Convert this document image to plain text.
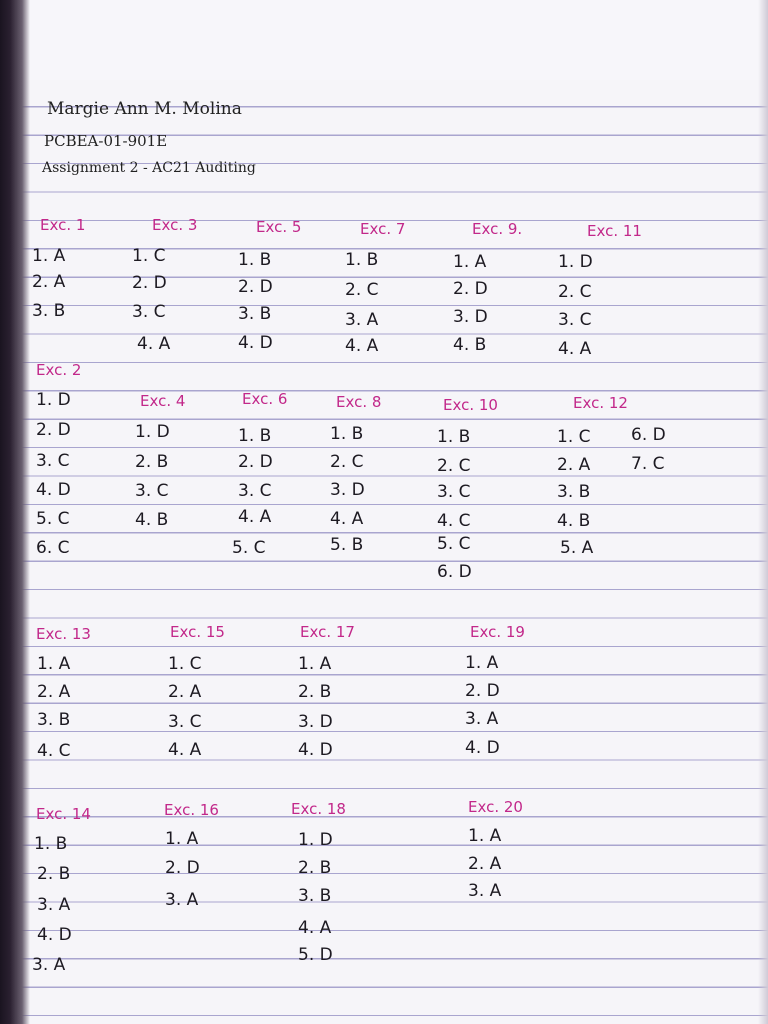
Margie Ann M. Molina
PCBEA-01-901E
Assignment 2 - AC21 Auditing
Exc. 1
1. A
2. A
3. B
Exc. 3
1. C
2. D
3. C
4. A
Exc. 5
1. B
2. D
3. B
4. D
Exc. 7
1. B
2. C
3. A
4. A
Exc. 9.
1. A
2. D
3. D
4. B
Exc. 11
1. D
2. C
3. C
4. A
Exc. 2
1. D
2. D
3. C
4. D
5. C
6. C
Exc. 4
1. D
2. B
3. C
4. B
Exc. 6
1. B
2. D
3. C
4. A
5. C
Exc. 8
1. B
2. C
3. D
4. A
5. B
Exc. 10
1. B
2. C
3. C
4. C
5. C
6. D
Exc. 12
1. C
2. A
3. B
4. B
5. A
6. D
7. C
Exc. 13
1. A
2. A
3. B
4. C
Exc. 15
1. C
2. A
3. C
4. A
Exc. 17
1. A
2. B
3. D
4. D
Exc. 19
1. A
2. D
3. A
4. D
Exc. 14
1. B
2. B
3. A
4. D
3. A
Exc. 16
1. A
2. D
3. A
Exc. 18
1. D
2. B
3. B
4. A
5. D
Exc. 20
1. A
2. A
3. A
